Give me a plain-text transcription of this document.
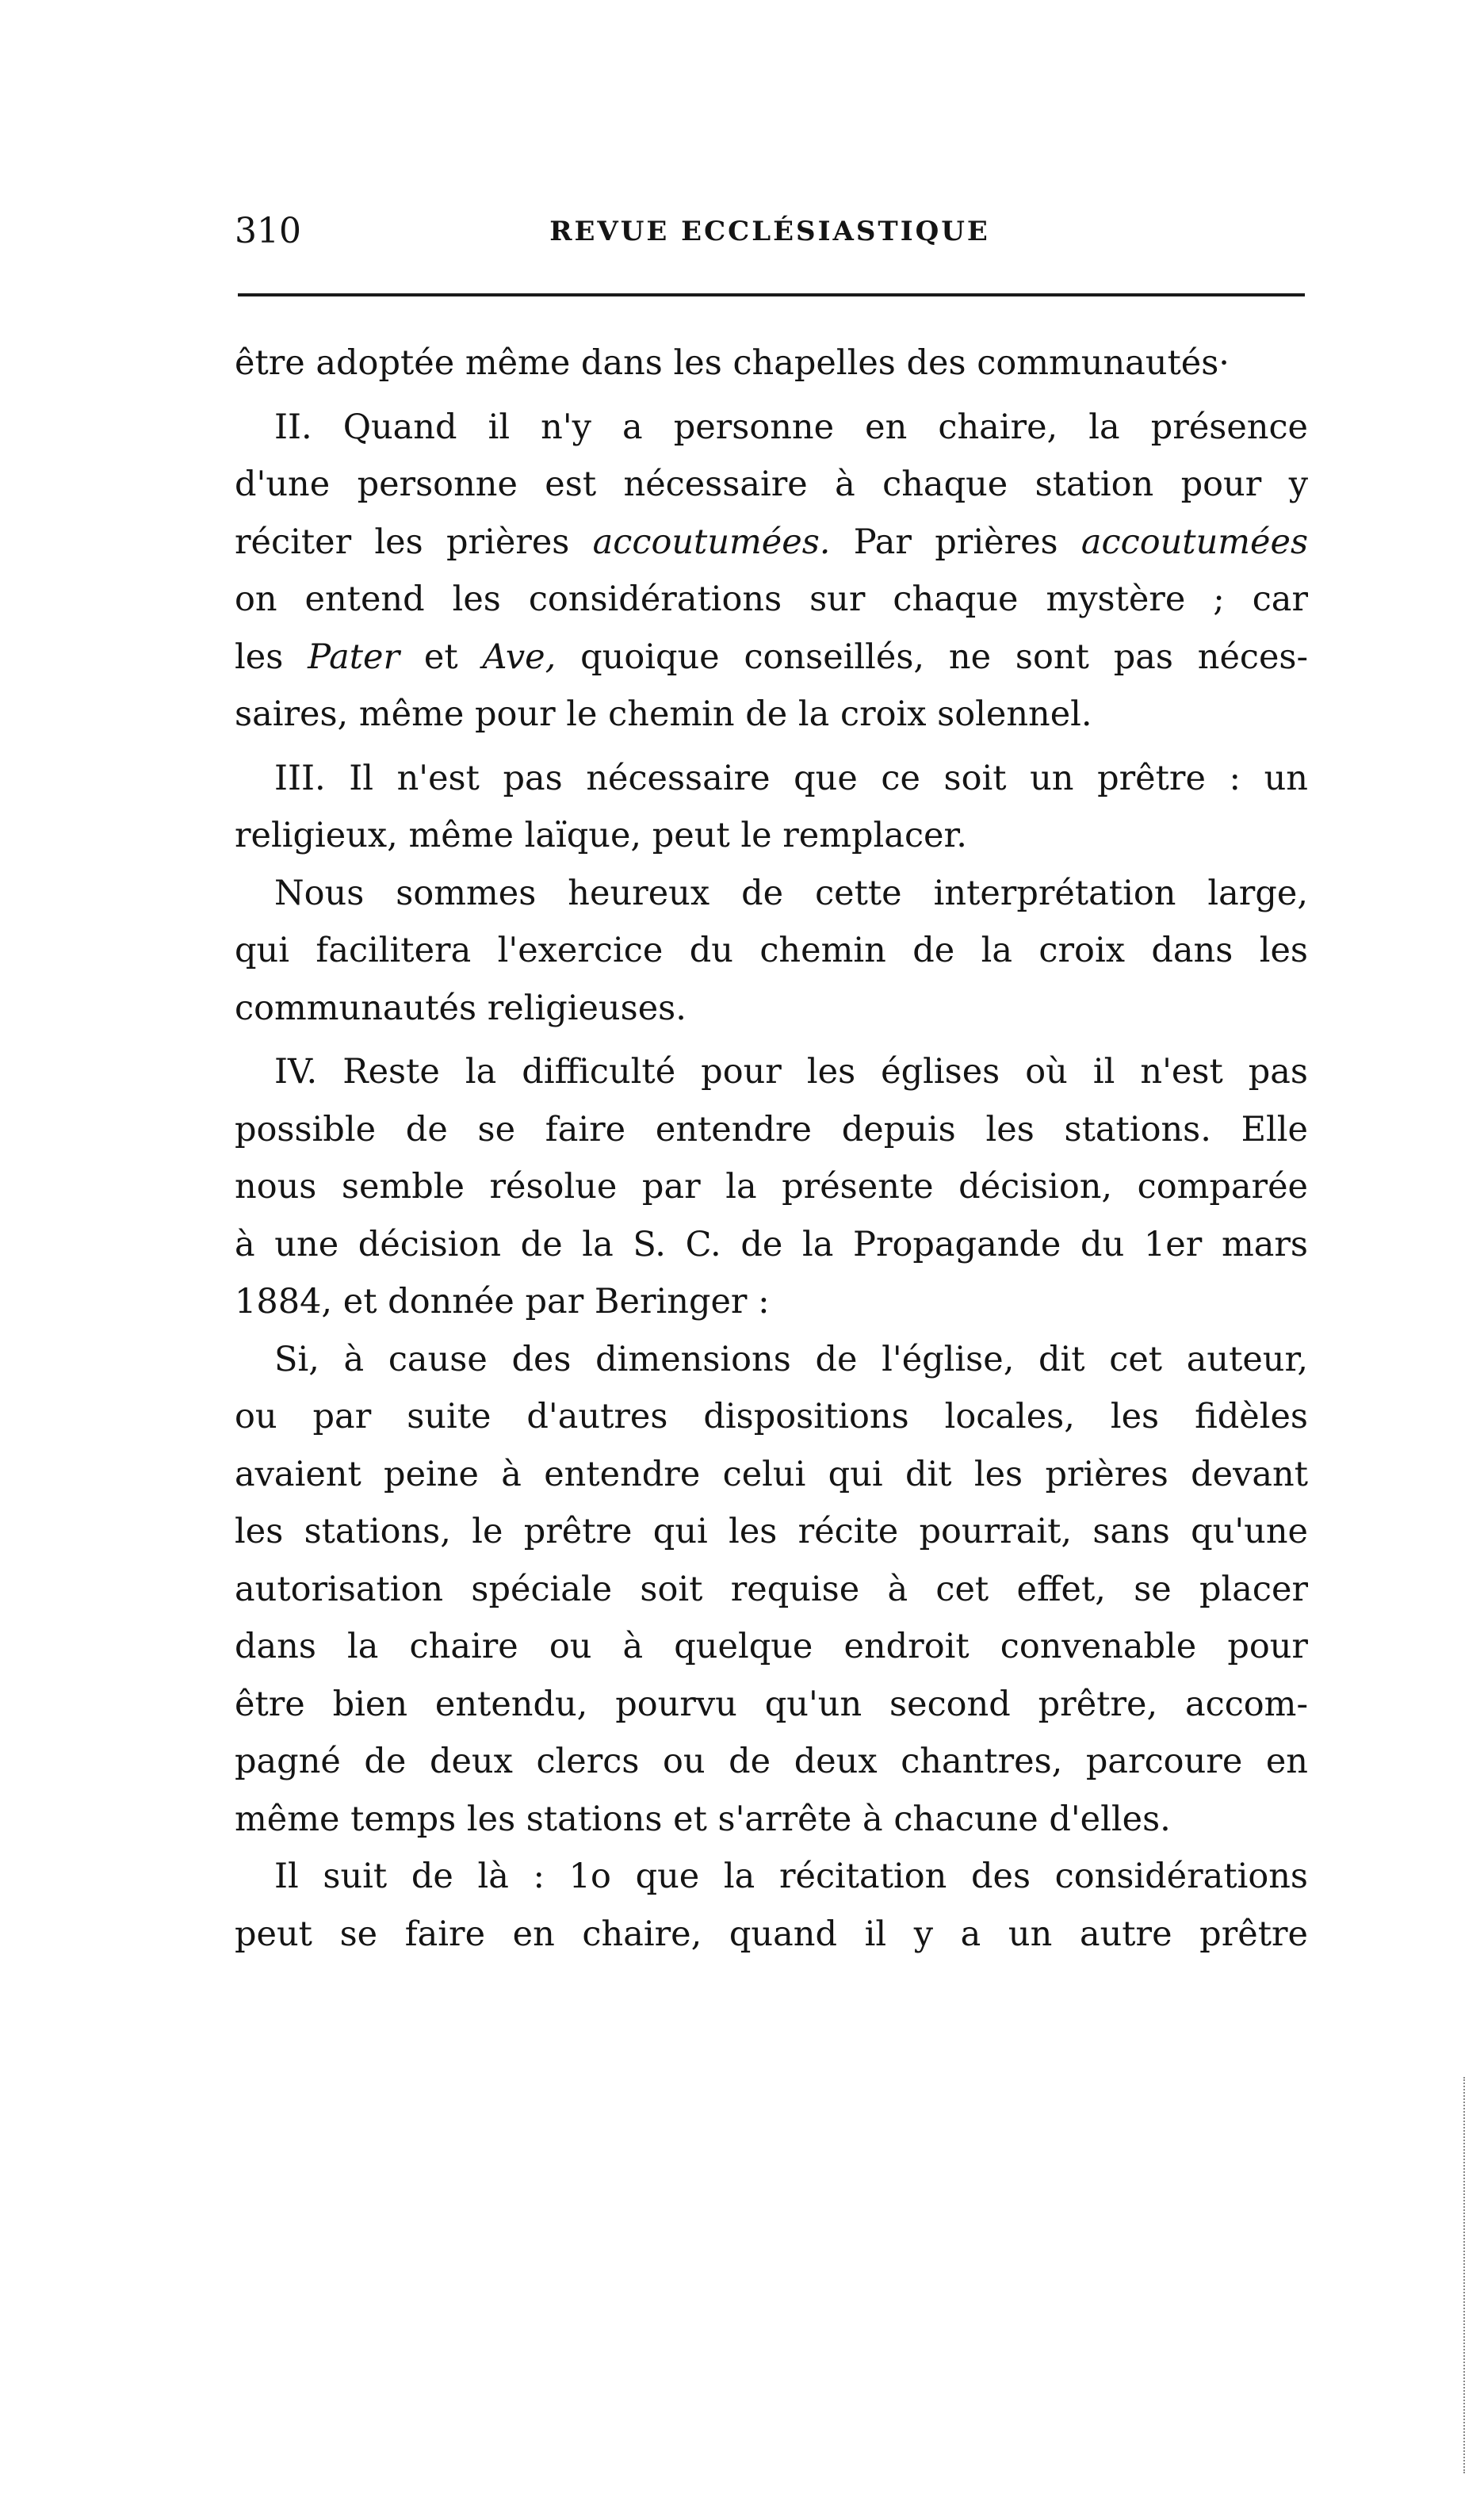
310	REVUE ECCLÉSIASTIQUE
être adoptée même dans les chapelles des communautés·
II. Quand il n'y a personne en chaire, la présence
d'une personne est nécessaire à chaque station pour y
réciter les prières accoutumées. Par prières accoutumées
on entend les considérations sur chaque mystère ; car
les Pater et Ave, quoique conseillés, ne sont pas néces-
saires, même pour le chemin de la croix solennel.
III. Il n'est pas nécessaire que ce soit un prêtre : un
religieux, même laïque, peut le remplacer.
Nous sommes heureux de cette interprétation large,
qui facilitera l'exercice du chemin de la croix dans les
communautés religieuses.
IV. Reste la difficulté pour les églises où il n'est pas
possible de se faire entendre depuis les stations. Elle
nous semble résolue par la présente décision, comparée
à une décision de la S. C. de la Propagande du 1er mars
1884, et donnée par Beringer :
Si, à cause des dimensions de l'église, dit cet auteur,
ou par suite d'autres dispositions locales, les fidèles
avaient peine à entendre celui qui dit les prières devant
les stations, le prêtre qui les récite pourrait, sans qu'une
autorisation spéciale soit requise à cet effet, se placer
dans la chaire ou à quelque endroit convenable pour
être bien entendu, pourvu qu'un second prêtre, accom-
pagné de deux clercs ou de deux chantres, parcoure en
même temps les stations et s'arrête à chacune d'elles.
Il suit de là : 1o que la récitation des considérations
peut se faire en chaire, quand il y a un autre prêtre
